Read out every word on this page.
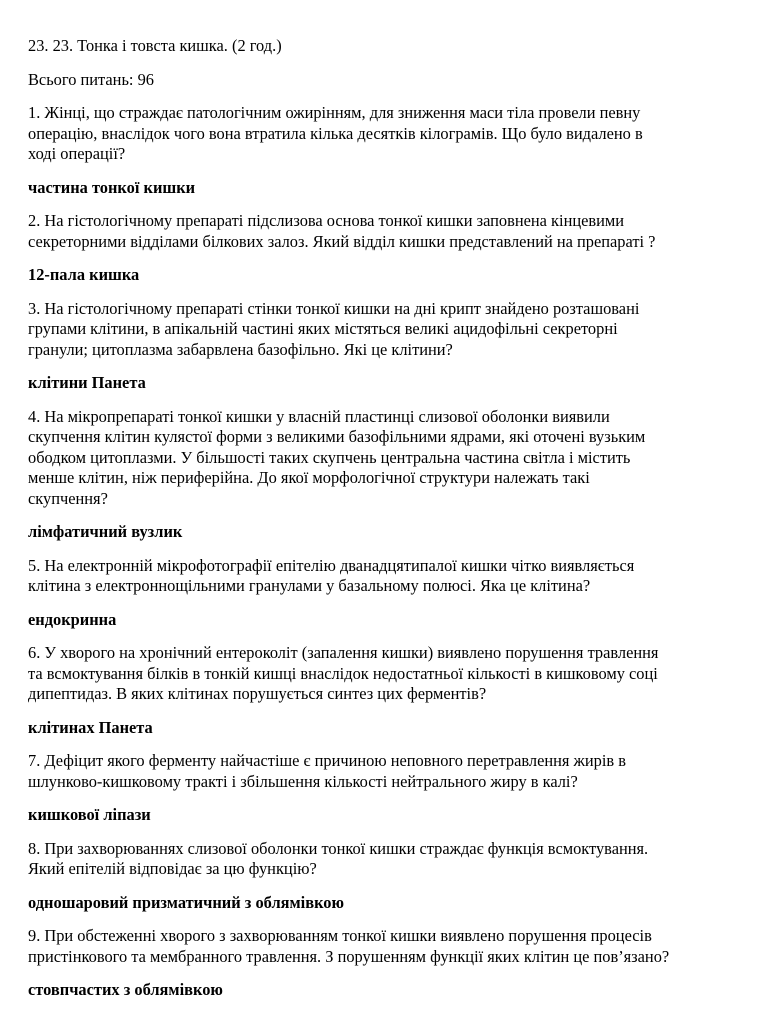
23. 23. Тонка і товста кишка. (2 год.)
Всього питань: 96
1. Жінці, що страждає патологічним ожирінням, для зниження маси тіла провели певну
операцію, внаслідок чого вона втратила кілька десятків кілограмів. Що було видалено в
ході операції?
частина тонкої кишки
2. На гістологічному препараті підслизова основа тонкої кишки заповнена кінцевими
секреторними відділами білкових залоз. Який відділ кишки представлений на препараті ?
12-пала кишка
3. На гістологічному препараті стінки тонкої кишки на дні крипт знайдено розташовані
групами клітини, в апікальній частині яких містяться великі ацидофільні секреторні
гранули; цитоплазма забарвлена базофільно. Які це клітини?
клітини Панета
4. На мікропрепараті тонкої кишки у власній пластинці слизової оболонки виявили
скупчення клітин кулястої форми з великими базофільними ядрами, які оточені вузьким
ободком цитоплазми. У більшості таких скупчень центральна частина світла і містить
менше клітин, ніж периферійна. До якої морфологічної структури належать такі
скупчення?
лімфатичний вузлик
5. На електронній мікрофотографії епітелію дванадцятипалої кишки чітко виявляється
клітина з електроннощільними гранулами у базальному полюсі. Яка це клітина?
ендокринна
6. У хворого на хронічний ентероколіт (запалення кишки) виявлено порушення травлення
та всмоктування білків в тонкій кишці внаслідок недостатньої кількості в кишковому соці
дипептидаз. В яких клітинах порушується синтез цих ферментів?
клітинах Панета
7. Дефіцит якого ферменту найчастіше є причиною неповного перетравлення жирів в
шлунково-кишковому тракті і збільшення кількості нейтрального жиру в калі?
кишкової ліпази
8. При захворюваннях слизової оболонки тонкої кишки страждає функція всмоктування.
Який епітелій відповідає за цю функцію?
одношаровий призматичний з облямівкою
9. При обстеженні хворого з захворюванням тонкої кишки виявлено порушення процесів
пристінкового та мембранного травлення. З порушенням функції яких клітин це пов’язано?
стовпчастих з облямівкою
